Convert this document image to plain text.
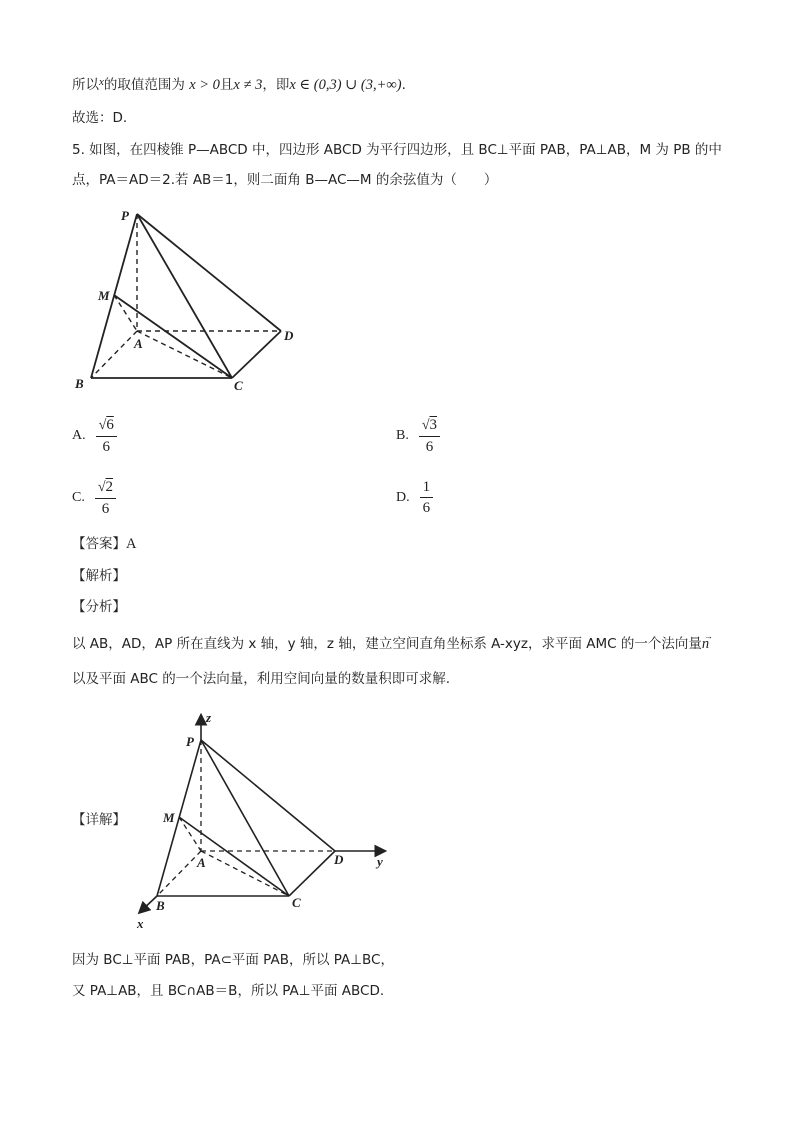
所以$^x$的取值范围为 x > 0且x ≠ 3，即x ∈ (0,3) ∪ (3,+∞).
故选：D.
5. 如图，在四棱锥 P—ABCD 中，四边形 ABCD 为平行四边形，且 BC⊥平面 PAB，PA⊥AB，M 为 PB 的中
点，PA＝AD＝2.若 AB＝1，则二面角 B—AC—M 的余弦值为（　　）
P
M
A
D
B	C
A. $\frac{√6}{6}$	B. $\frac{√3}{6}$
C. $\frac{√2}{6}$	D. $\frac{1}{6}$
【答案】A
【解析】
【分析】
以 AB，AD，AP 所在直线为 x 轴，y 轴，z 轴，建立空间直角坐标系 A-xyz，求平面 AMC 的一个法向量 →
n
以及平面 ABC 的一个法向量，利用空间向量的数量积即可求解.
【详解】
z
P
M
A	D	y
B	C
x
因为 BC⊥平面 PAB，PA⊂平面 PAB，所以 PA⊥BC，
又 PA⊥AB，且 BC∩AB＝B，所以 PA⊥平面 ABCD.
